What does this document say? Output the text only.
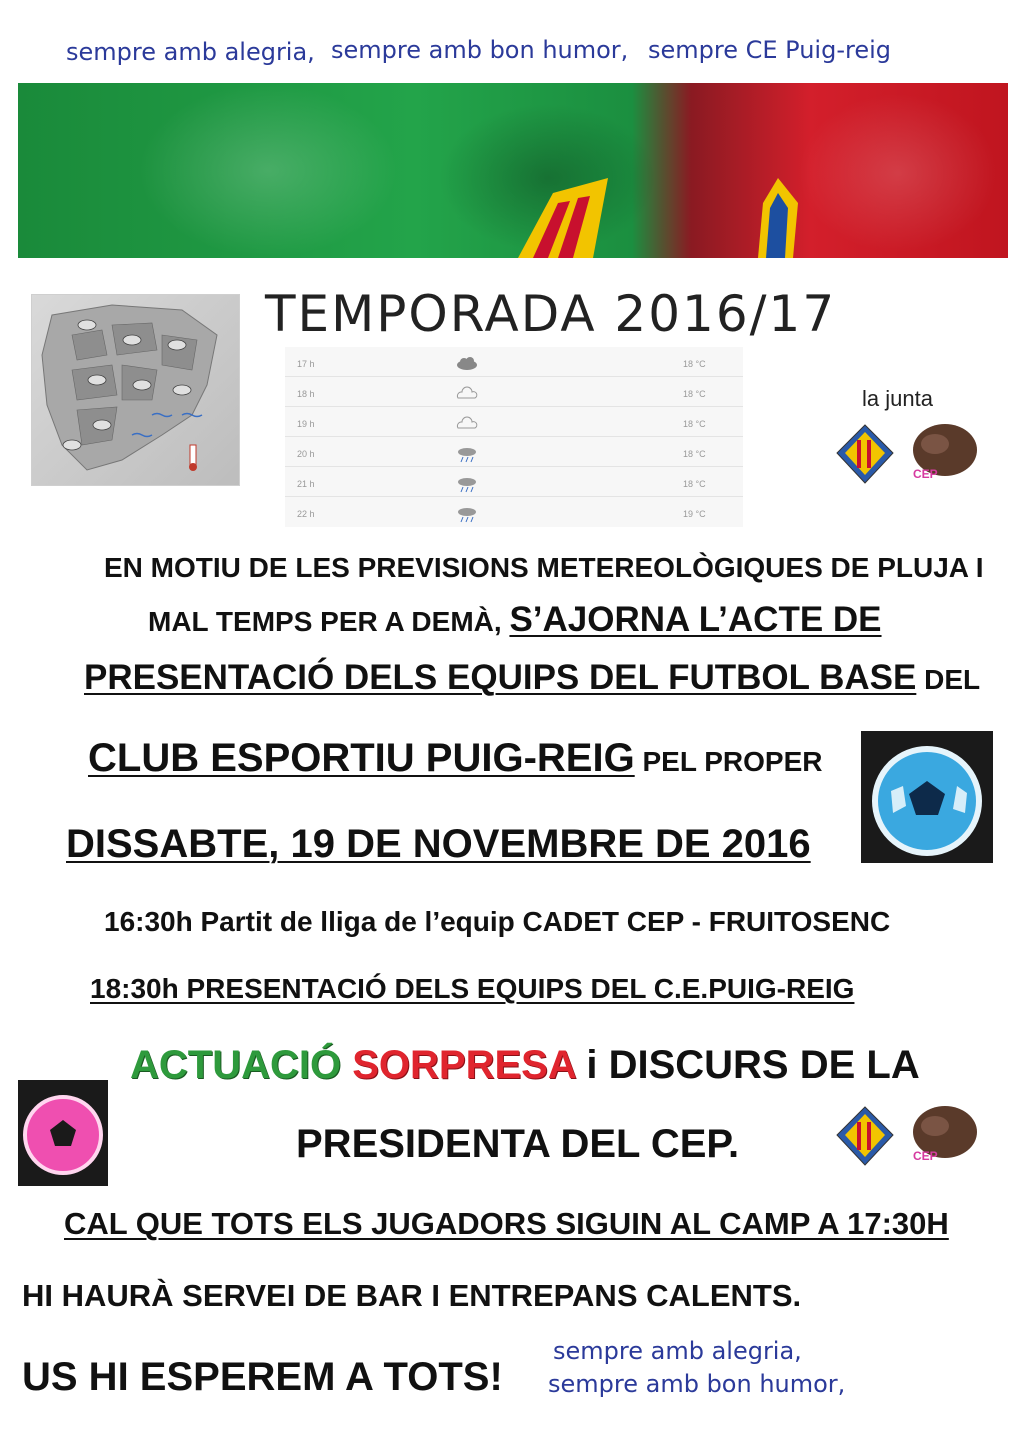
sempre amb alegria, sempre amb bon humor, sempre CE Puig-reig
TEMPORADA 2016/17
17 h	18 °C
18 h	18 °C
19 h	18 °C
20 h	18 °C
21 h	18 °C
22 h	19 °C
la junta
CEP
EN MOTIU DE LES PREVISIONS METEREOLÒGIQUES DE PLUJA I
MAL TEMPS PER A DEMÀ, S’AJORNA L’ACTE DE
PRESENTACIÓ DELS EQUIPS DEL FUTBOL BASE DEL
CLUB ESPORTIU PUIG-REIG PEL PROPER
DISSABTE, 19 DE NOVEMBRE DE 2016
16:30h Partit de lliga de l’equip CADET CEP - FRUITOSENC
18:30h PRESENTACIÓ DELS EQUIPS DEL C.E.PUIG-REIG
ACTUACIÓ SORPRESA i DISCURS DE LA
PRESIDENTA DEL CEP.	CEP
CAL QUE TOTS ELS JUGADORS SIGUIN AL CAMP A 17:30H
HI HAURÀ SERVEI DE BAR I ENTREPANS CALENTS.
US HI ESPEREM A TOTS!
sempre amb alegria,
sempre amb bon humor,
